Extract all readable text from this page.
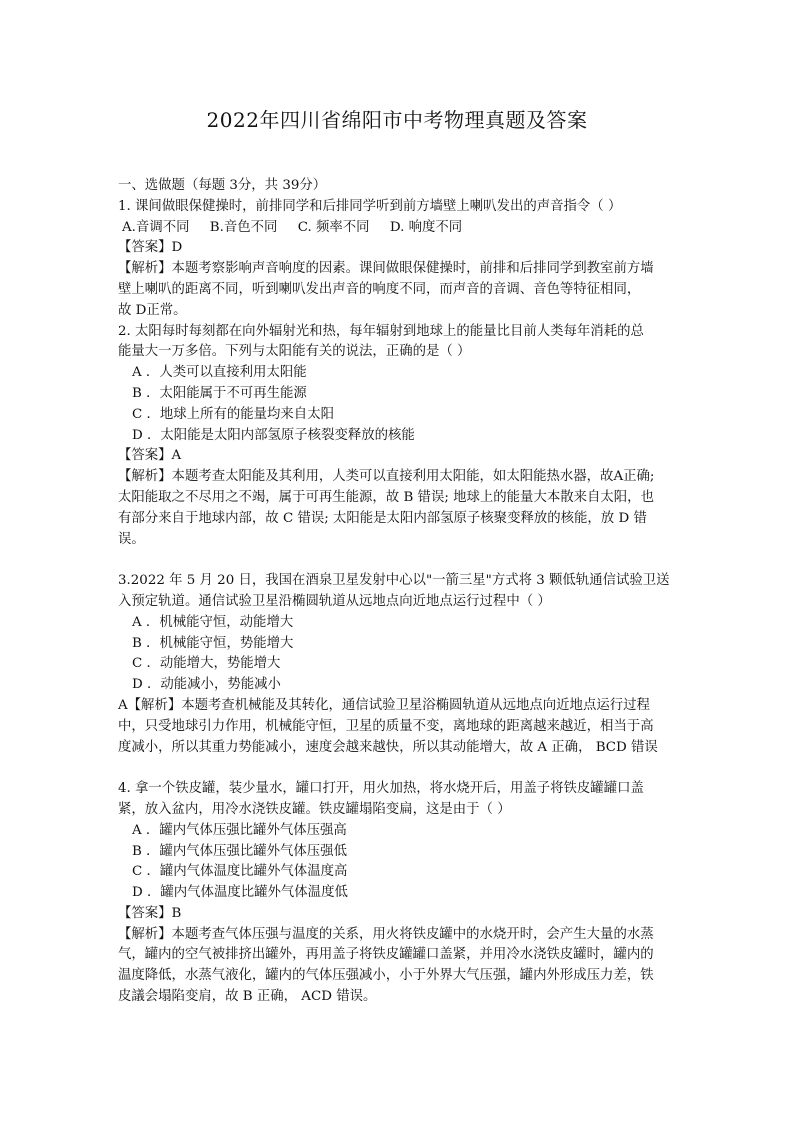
2022年四川省绵阳市中考物理真题及答案
一、选做题（每题 3分，共 39分）
1. 课间做眼保健操时，前排同学和后排同学听到前方墙壁上喇叭发出的声音指令（ ）
A.音调不同 B.音色不同 C. 频率不同 D. 响度不同
【答案】D
【解析】本题考察影响声音响度的因素。课间做眼保健操时，前排和后排同学到教室前方墙
壁上喇叭的距离不同，听到喇叭发出声音的响度不同，而声音的音调、音色等特征相同，
故 D正常。
2. 太阳每时每刻都在向外辐射光和热，每年辐射到地球上的能量比目前人类每年消耗的总
能量大一万多倍。下列与太阳能有关的说法，正确的是（ ）
A ．人类可以直接利用太阳能
B ．太阳能属于不可再生能源
C ．地球上所有的能量均来自太阳
D ．太阳能是太阳内部氢原子核裂变释放的核能
【答案】A
【解析】本题考查太阳能及其利用，人类可以直接利用太阳能，如太阳能热水器，故A正确;
太阳能取之不尽用之不竭，属于可再生能源，故 B 错误; 地球上的能量大本散来自太阳，也
有部分来自于地球内部，故 C 错误; 太阳能是太阳内部氢原子核聚变释放的核能，放 D 错
误。
3.2022 年 5 月 20 日，我国在酒泉卫星发射中心以"一箭三星"方式将 3 颗低轨通信试验卫送
入预定轨道。通信试验卫星沿椭圆轨道从远地点向近地点运行过程中（ ）
A ．机械能守恒，动能增大
B ．机械能守恒，势能增大
C ．动能增大，势能增大
D ．动能减小，势能减小
A【解析】本题考查机械能及其转化，通信试验卫星浴椭圆轨道从远地点向近地点运行过程
中，只受地球引力作用，机械能守恒，卫星的质量不变，离地球的距离越来越近，相当于高
度减小，所以其重力势能减小，速度会越来越快，所以其动能增大，故 A 正确， BCD 错误
4. 拿一个铁皮罐，装少量水，罐口打开，用火加热，将水烧开后，用盖子将铁皮罐罐口盖
紧，放入盆内，用冷水浇铁皮罐。铁皮罐塌陷变扁，这是由于（ ）
A ．罐内气体压强比罐外气体压强高
B ．罐内气体压强比罐外气体压强低
C ．罐内气体温度比罐外气体温度高
D ．罐内气体温度比罐外气体温度低
【答案】B
【解析】本题考查气体压强与温度的关系，用火将铁皮罐中的水烧开时，会产生大量的水蒸
气，罐内的空气被排挤出罐外，再用盖子将铁皮罐罐口盖紧，并用冷水浇铁皮罐时，罐内的
温度降低，水蒸气液化，罐内的气体压强减小，小于外界大气压强，罐内外形成压力差，铁
皮議会塌陷变肩，故 B 正确， ACD 错误。
